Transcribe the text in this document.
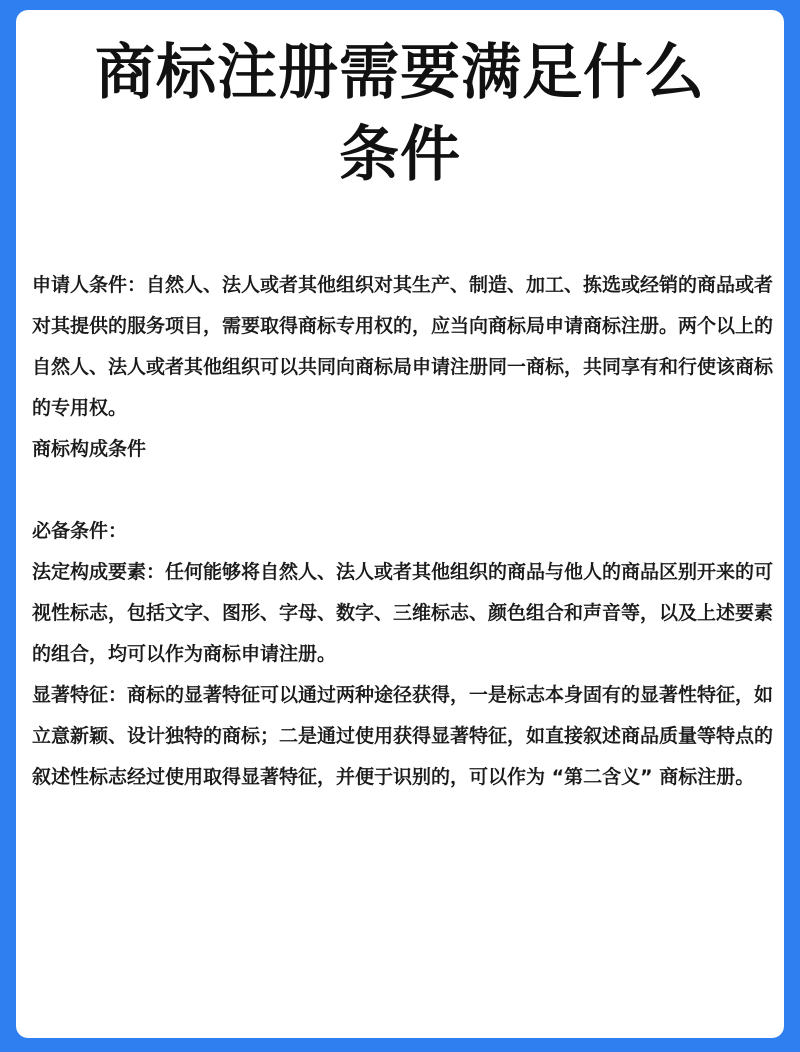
商标注册需要满足什么
条件
申请人条件：自然人、法人或者其他组织对其生产、制造、加工、拣选或经销的商品或者对其提供的服务项目，需要取得商标专用权的，应当向商标局申请商标注册。两个以上的自然人、法人或者其他组织可以共同向商标局申请注册同一商标，共同享有和行使该商标的专用权。
商标构成条件
必备条件：
法定构成要素：任何能够将自然人、法人或者其他组织的商品与他人的商品区别开来的可视性标志，包括文字、图形、字母、数字、三维标志、颜色组合和声音等，以及上述要素的组合，均可以作为商标申请注册。
显著特征：商标的显著特征可以通过两种途径获得，一是标志本身固有的显著性特征，如立意新颖、设计独特的商标；二是通过使用获得显著特征，如直接叙述商品质量等特点的叙述性标志经过使用取得显著特征，并便于识别的，可以作为 “第二含义” 商标注册。
